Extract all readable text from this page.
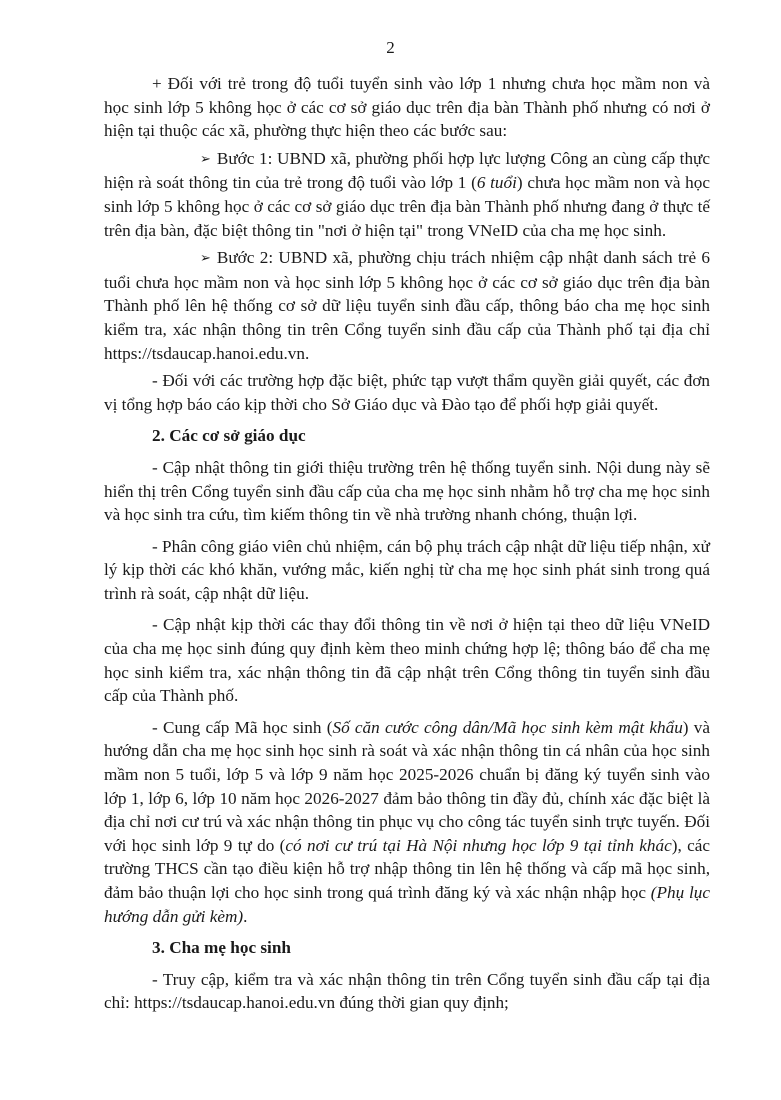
2

+ Đối với trẻ trong độ tuổi tuyển sinh vào lớp 1 nhưng chưa học mầm non và học sinh lớp 5 không học ở các cơ sở giáo dục trên địa bàn Thành phố nhưng có nơi ở hiện tại thuộc các xã, phường thực hiện theo các bước sau:

➢ Bước 1: UBND xã, phường phối hợp lực lượng Công an cùng cấp thực hiện rà soát thông tin của trẻ trong độ tuổi vào lớp 1 (6 tuổi) chưa học mầm non và học sinh lớp 5 không học ở các cơ sở giáo dục trên địa bàn Thành phố nhưng đang ở thực tế trên địa bàn, đặc biệt thông tin "nơi ở hiện tại" trong VNeID của cha mẹ học sinh.

➢ Bước 2: UBND xã, phường chịu trách nhiệm cập nhật danh sách trẻ 6 tuổi chưa học mầm non và học sinh lớp 5 không học ở các cơ sở giáo dục trên địa bàn Thành phố lên hệ thống cơ sở dữ liệu tuyển sinh đầu cấp, thông báo cha mẹ học sinh kiểm tra, xác nhận thông tin trên Cổng tuyển sinh đầu cấp của Thành phố tại địa chỉ https://tsdaucap.hanoi.edu.vn.

- Đối với các trường hợp đặc biệt, phức tạp vượt thẩm quyền giải quyết, các đơn vị tổng hợp báo cáo kịp thời cho Sở Giáo dục và Đào tạo để phối hợp giải quyết.

2. Các cơ sở giáo dục

- Cập nhật thông tin giới thiệu trường trên hệ thống tuyển sinh. Nội dung này sẽ hiển thị trên Cổng tuyển sinh đầu cấp của cha mẹ học sinh nhằm hỗ trợ cha mẹ học sinh và học sinh tra cứu, tìm kiếm thông tin về nhà trường nhanh chóng, thuận lợi.

- Phân công giáo viên chủ nhiệm, cán bộ phụ trách cập nhật dữ liệu tiếp nhận, xử lý kịp thời các khó khăn, vướng mắc, kiến nghị từ cha mẹ học sinh phát sinh trong quá trình rà soát, cập nhật dữ liệu.

- Cập nhật kịp thời các thay đổi thông tin về nơi ở hiện tại theo dữ liệu VNeID của cha mẹ học sinh đúng quy định kèm theo minh chứng hợp lệ; thông báo để cha mẹ học sinh kiểm tra, xác nhận thông tin đã cập nhật trên Cổng thông tin tuyển sinh đầu cấp của Thành phố.

- Cung cấp Mã học sinh (Số căn cước công dân/Mã học sinh kèm mật khẩu) và hướng dẫn cha mẹ học sinh học sinh rà soát và xác nhận thông tin cá nhân của học sinh mầm non 5 tuổi, lớp 5 và lớp 9 năm học 2025-2026 chuẩn bị đăng ký tuyển sinh vào lớp 1, lớp 6, lớp 10 năm học 2026-2027 đảm bảo thông tin đầy đủ, chính xác đặc biệt là địa chỉ nơi cư trú và xác nhận thông tin phục vụ cho công tác tuyển sinh trực tuyến. Đối với học sinh lớp 9 tự do (có nơi cư trú tại Hà Nội nhưng học lớp 9 tại tỉnh khác), các trường THCS cần tạo điều kiện hỗ trợ nhập thông tin lên hệ thống và cấp mã học sinh, đảm bảo thuận lợi cho học sinh trong quá trình đăng ký và xác nhận nhập học (Phụ lục hướng dẫn gửi kèm).

3. Cha mẹ học sinh

- Truy cập, kiểm tra và xác nhận thông tin trên Cổng tuyển sinh đầu cấp tại địa chỉ: https://tsdaucap.hanoi.edu.vn đúng thời gian quy định;
